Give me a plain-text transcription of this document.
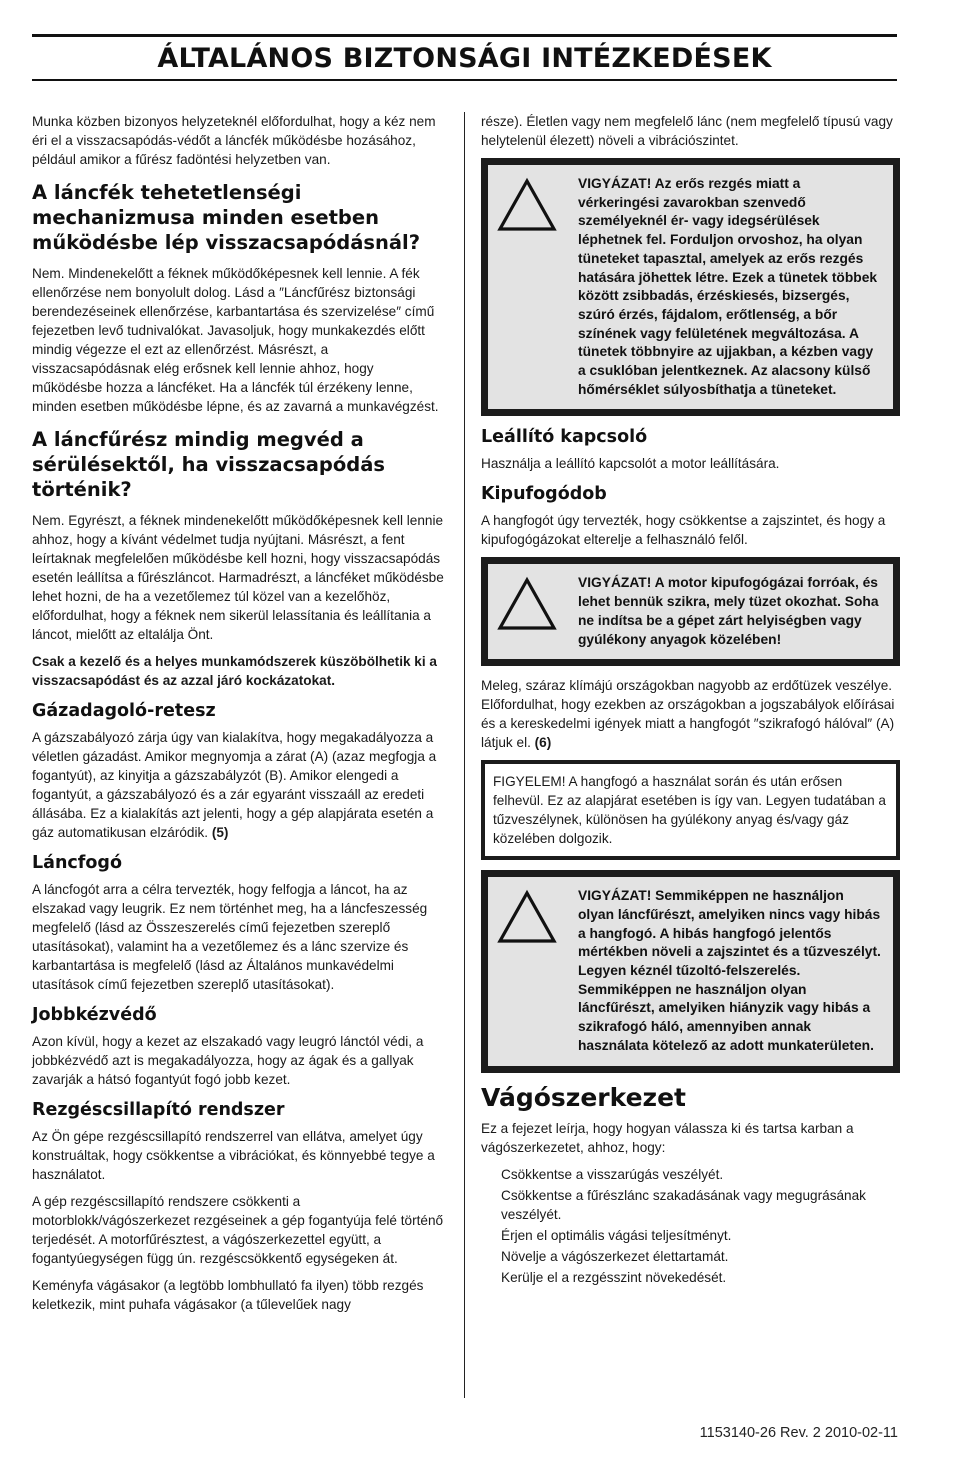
ÁLTALÁNOS BIZTONSÁGI INTÉZKEDÉSEK

Munka közben bizonyos helyzeteknél előfordulhat, hogy a kéz nem éri el a visszacsapódás-védőt a láncfék működésbe hozásához, például amikor a fűrész fadöntési helyzetben van.

A láncfék tehetetlenségi mechanizmusa minden esetben működésbe lép visszacsapódásnál?

Nem. Mindenekelőtt a féknek működőképesnek kell lennie. A fék ellenőrzése nem bonyolult dolog. Lásd a ″Láncfűrész biztonsági berendezéseinek ellenőrzése, karbantartása és szervizelése″ című fejezetben levő tudnivalókat. Javasoljuk, hogy munkakezdés előtt mindig végezze el ezt az ellenőrzést. Másrészt, a visszacsapódásnak elég erősnek kell lennie ahhoz, hogy működésbe hozza a láncféket. Ha a láncfék túl érzékeny lenne, minden esetben működésbe lépne, és az zavarná a munkavégzést.

A láncfűrész mindig megvéd a sérülésektől, ha visszacsapódás történik?

Nem. Egyrészt, a féknek mindenekelőtt működőképesnek kell lennie ahhoz, hogy a kívánt védelmet tudja nyújtani. Másrészt, a fent leírtaknak megfelelően működésbe kell hozni, hogy visszacsapódás esetén leállítsa a fűrészláncot. Harmadrészt, a láncféket működésbe lehet hozni, de ha a vezetőlemez túl közel van a kezelőhöz, előfordulhat, hogy a féknek nem sikerül lelassítania és leállítania a láncot, mielőtt az eltalálja Önt.

Csak a kezelő és a helyes munkamódszerek küszöbölhetik ki a visszacsapódást és az azzal járó kockázatokat.

Gázadagoló-retesz

A gázszabályozó zárja úgy van kialakítva, hogy megakadályozza a véletlen gázadást. Amikor megnyomja a zárat (A) (azaz megfogja a fogantyút), az kinyitja a gázszabályzót (B). Amikor elengedi a fogantyút, a gázszabályozó és a zár egyaránt visszaáll az eredeti állásába. Ez a kialakítás azt jelenti, hogy a gép alapjárata esetén a gáz automatikusan elzáródik. (5)

Láncfogó

A láncfogót arra a célra tervezték, hogy felfogja a láncot, ha az elszakad vagy leugrik. Ez nem történhet meg, ha a láncfeszesség megfelelő (lásd az Összeszerelés című fejezetben szereplő utasításokat), valamint ha a vezetőlemez és a lánc szervize és karbantartása is megfelelő (lásd az Általános munkavédelmi utasítások című fejezetben szereplő utasításokat).

Jobbkézvédő

Azon kívül, hogy a kezet az elszakadó vagy leugró lánctól védi, a jobbkézvédő azt is megakadályozza, hogy az ágak és a gallyak zavarják a hátsó fogantyút fogó jobb kezet.

Rezgéscsillapító rendszer

Az Ön gépe rezgéscsillapító rendszerrel van ellátva, amelyet úgy konstruáltak, hogy csökkentse a vibrációkat, és könnyebbé tegye a használatot.

A gép rezgéscsillapító rendszere csökkenti a motorblokk/vágószerkezet rezgéseinek a gép fogantyúja felé történő terjedését. A motorfűrésztest, a vágószerkezettel együtt, a fogantyúegységen függ ún. rezgéscsökkentő egységeken át.

Keményfa vágásakor (a legtöbb lombhullató fa ilyen) több rezgés keletkezik, mint puhafa vágásakor (a tűlevelűek nagy

része). Életlen vagy nem megfelelő lánc (nem megfelelő típusú vagy helytelenül élezett) növeli a vibrációszintet.

VIGYÁZAT! Az erős rezgés miatt a vérkeringési zavarokban szenvedő személyeknél ér- vagy idegsérülések léphetnek fel. Forduljon orvoshoz, ha olyan tüneteket tapasztal, amelyek az erős rezgés hatására jöhettek létre. Ezek a tünetek többek között zsibbadás, érzéskiesés, bizsergés, szúró érzés, fájdalom, erőtlenség, a bőr színének vagy felületének megváltozása. A tünetek többnyire az ujjakban, a kézben vagy a csuklóban jelentkeznek. Az alacsony külső hőmérséklet súlyosbíthatja a tüneteket.
Leállító kapcsoló

Használja a leállító kapcsolót a motor leállítására.

Kipufogódob

A hangfogót úgy tervezték, hogy csökkentse a zajszintet, és hogy a kipufogógázokat elterelje a felhasználó felől.

VIGYÁZAT! A motor kipufogógázai forróak, és lehet bennük szikra, mely tüzet okozhat. Soha ne indítsa be a gépet zárt helyiségben vagy gyúlékony anyagok közelében!

Meleg, száraz klímájú országokban nagyobb az erdőtüzek veszélye. Előfordulhat, hogy ezekben az országokban a jogszabályok előírásai és a kereskedelmi igények miatt a hangfogót ″szikrafogó hálóval″ (A) látjuk el. (6)

FIGYELEM! A hangfogó a használat során és után erősen felhevül. Ez az alapjárat esetében is így van. Legyen tudatában a tűzveszélynek, különösen ha gyúlékony anyag és/vagy gáz közelében dolgozik.

VIGYÁZAT! Semmiképpen ne használjon olyan láncfűrészt, amelyiken nincs vagy hibás a hangfogó. A hibás hangfogó jelentős mértékben növeli a zajszintet és a tűzveszélyt. Legyen kéznél tűzoltó-felszerelés. Semmiképpen ne használjon olyan láncfűrészt, amelyiken hiányzik vagy hibás a szikrafogó háló, amennyiben annak használata kötelező az adott munkaterületen.
Vágószerkezet

Ez a fejezet leírja, hogy hogyan válassza ki és tartsa karban a vágószerkezetet, ahhoz, hogy:

Csökkentse a visszarúgás veszélyét.
Csökkentse a fűrészlánc szakadásának vagy megugrásának veszélyét.
Érjen el optimális vágási teljesítményt.
Növelje a vágószerkezet élettartamát.
Kerülje el a rezgésszint növekedését.
1153140-26 Rev. 2 2010-02-11
